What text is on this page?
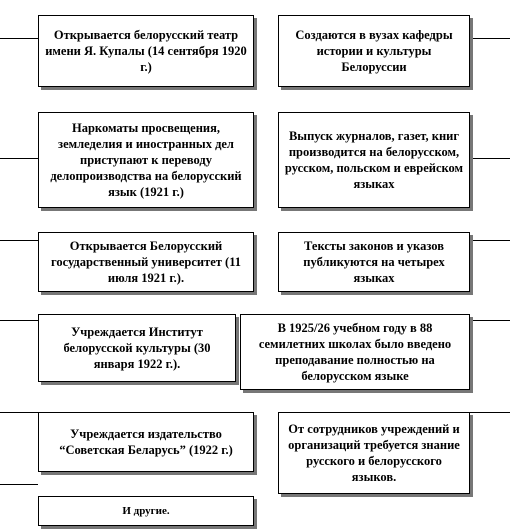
Открывается белорусский театр имени Я. Купалы (14 сентября 1920 г.)
Наркоматы просвещения, земледелия и иностранных дел приступают к переводу делопроизводства на белорусский язык (1921 г.)
Открывается Белорусский государственный университет (11 июля 1921 г.).
Учреждается Институт белорусской культуры (30 января 1922 г.).
Учреждается издательство “Советская Беларусь” (1922 г.)
И другие.
Создаются в вузах кафедры истории и культуры Белоруссии
Выпуск журналов, газет, книг производится на белорусском, русском, польском и еврейском языках
Тексты законов и указов публикуются на четырех языках
В 1925/26 учебном году в 88 семилетних школах было введено преподавание полностью на белорусском языке
От сотрудников учреждений и организаций требуется знание русского и белорусского языков.
